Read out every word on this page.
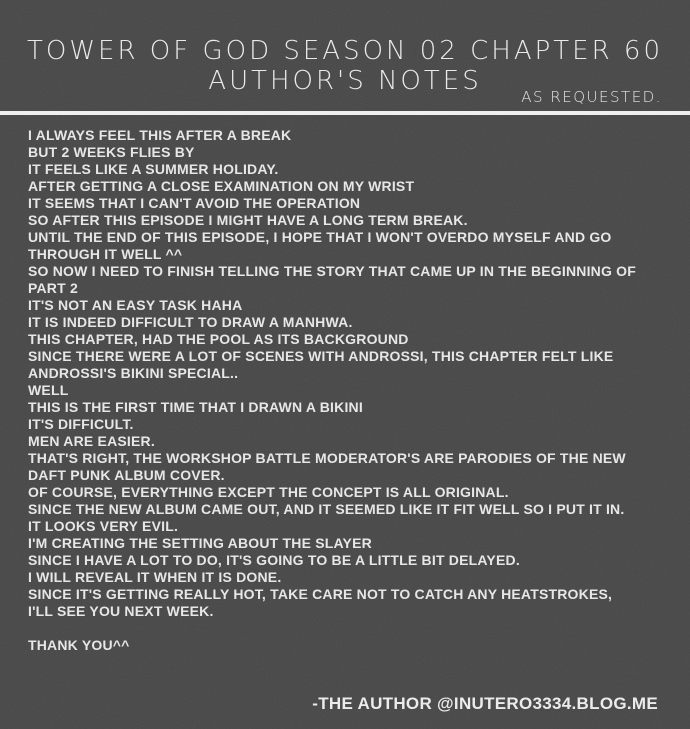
TOWER OF GOD SEASON 02 CHAPTER 60
AUTHOR'S NOTES
AS REQUESTED.
I ALWAYS FEEL THIS AFTER A BREAK
BUT 2 WEEKS FLIES BY
IT FEELS LIKE A SUMMER HOLIDAY.
AFTER GETTING A CLOSE EXAMINATION ON MY WRIST
IT SEEMS THAT I CAN'T AVOID THE OPERATION
SO AFTER THIS EPISODE I MIGHT HAVE A LONG TERM BREAK.
UNTIL THE END OF THIS EPISODE, I HOPE THAT I WON'T OVERDO MYSELF AND GO
THROUGH IT WELL ^^
SO NOW I NEED TO FINISH TELLING THE STORY THAT CAME UP IN THE BEGINNING OF
PART 2
IT'S NOT AN EASY TASK HAHA
IT IS INDEED DIFFICULT TO DRAW A MANHWA.
THIS CHAPTER, HAD THE POOL AS ITS BACKGROUND
SINCE THERE WERE A LOT OF SCENES WITH ANDROSSI, THIS CHAPTER FELT LIKE
ANDROSSI'S BIKINI SPECIAL..
WELL
THIS IS THE FIRST TIME THAT I DRAWN A BIKINI
IT'S DIFFICULT.
MEN ARE EASIER.
THAT'S RIGHT, THE WORKSHOP BATTLE MODERATOR'S ARE PARODIES OF THE NEW
DAFT PUNK ALBUM COVER.
OF COURSE, EVERYTHING EXCEPT THE CONCEPT IS ALL ORIGINAL.
SINCE THE NEW ALBUM CAME OUT, AND IT SEEMED LIKE IT FIT WELL SO I PUT IT IN.
IT LOOKS VERY EVIL.
I'M CREATING THE SETTING ABOUT THE SLAYER
SINCE I HAVE A LOT TO DO, IT'S GOING TO BE A LITTLE BIT DELAYED.
I WILL REVEAL IT WHEN IT IS DONE.
SINCE IT'S GETTING REALLY HOT, TAKE CARE NOT TO CATCH ANY HEATSTROKES,
I'LL SEE YOU NEXT WEEK.
THANK YOU^^
-THE AUTHOR @INUTERO3334.BLOG.ME
